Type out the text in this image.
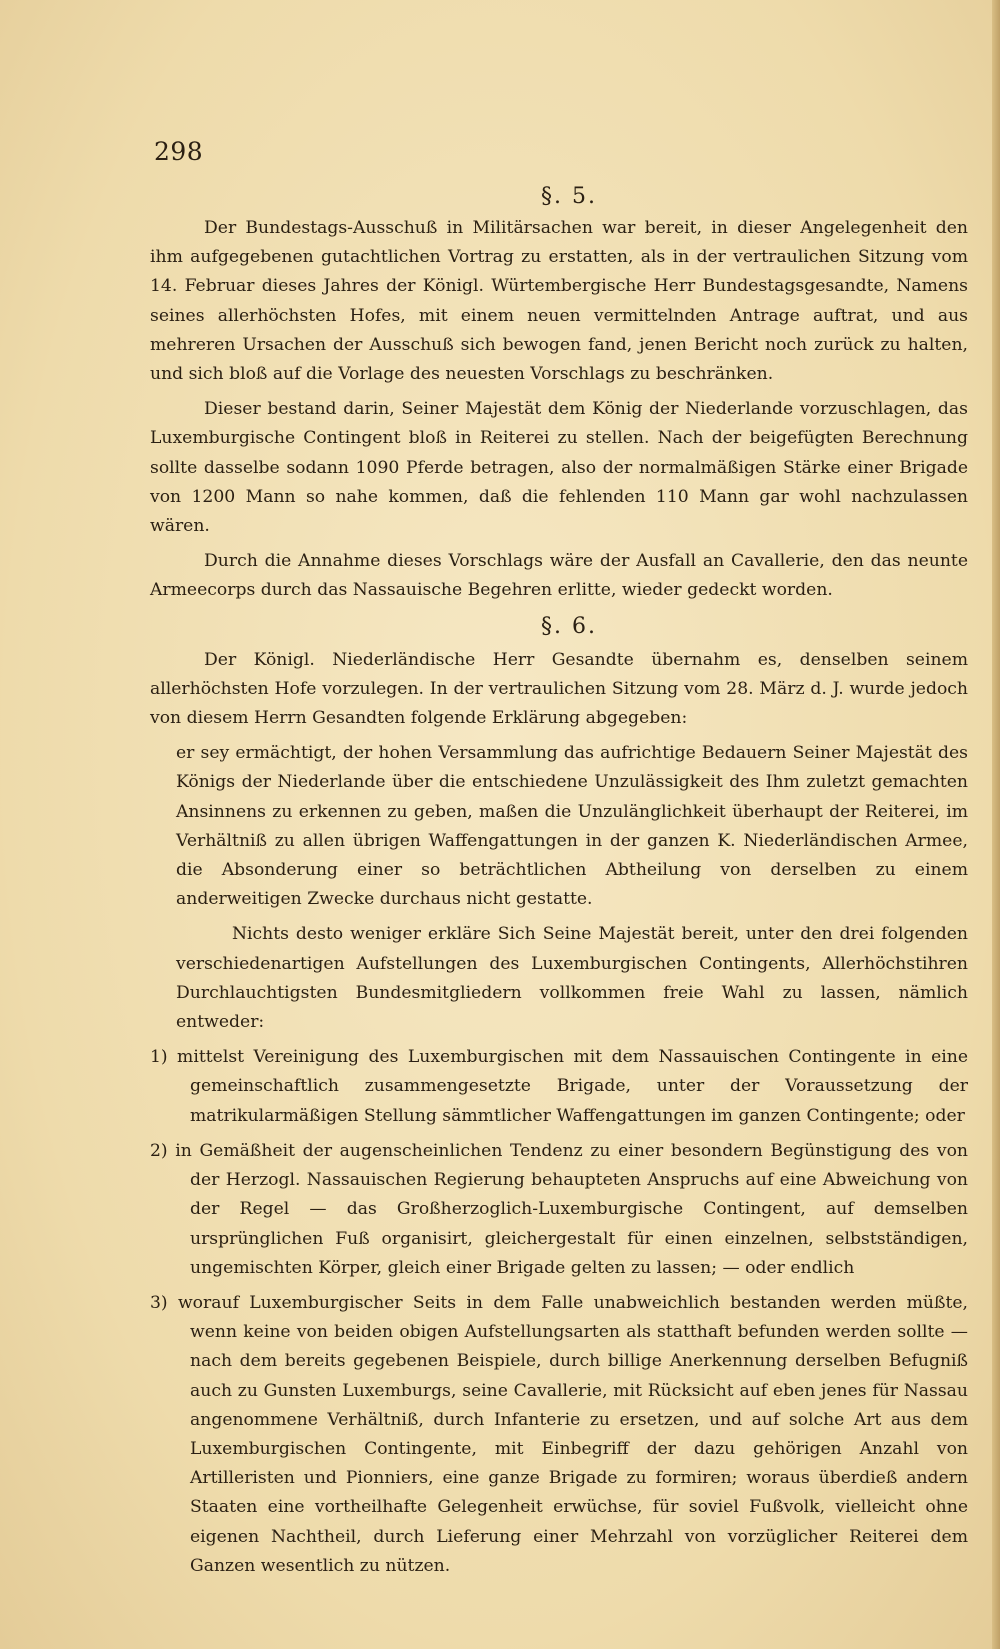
298
§. 5.

Der Bundestags-Ausschuß in Militärsachen war bereit, in dieser Angelegenheit den ihm aufgegebenen gutachtlichen Vortrag zu erstatten, als in der vertraulichen Sitzung vom 14. Februar dieses Jahres der Königl. Würtembergische Herr Bundestagsgesandte, Namens seines allerhöchsten Hofes, mit einem neuen vermittelnden Antrage auftrat, und aus mehreren Ursachen der Ausschuß sich bewogen fand, jenen Bericht noch zurück zu halten, und sich bloß auf die Vorlage des neuesten Vorschlags zu beschränken.

Dieser bestand darin, Seiner Majestät dem König der Niederlande vorzuschlagen, das Luxemburgische Contingent bloß in Reiterei zu stellen. Nach der beigefügten Berechnung sollte dasselbe sodann 1090 Pferde betragen, also der normalmäßigen Stärke einer Brigade von 1200 Mann so nahe kommen, daß die fehlenden 110 Mann gar wohl nachzulassen wären.

Durch die Annahme dieses Vorschlags wäre der Ausfall an Cavallerie, den das neunte Armeecorps durch das Nassauische Begehren erlitte, wieder gedeckt worden.

§. 6.

Der Königl. Niederländische Herr Gesandte übernahm es, denselben seinem allerhöchsten Hofe vorzulegen. In der vertraulichen Sitzung vom 28. März d. J. wurde jedoch von diesem Herrn Gesandten folgende Erklärung abgegeben:

er sey ermächtigt, der hohen Versammlung das aufrichtige Bedauern Seiner Majestät des Königs der Niederlande über die entschiedene Unzulässigkeit des Ihm zuletzt gemachten Ansinnens zu erkennen zu geben, maßen die Unzulänglichkeit überhaupt der Reiterei, im Verhältniß zu allen übrigen Waffengattungen in der ganzen K. Niederländischen Armee, die Absonderung einer so beträchtlichen Abtheilung von derselben zu einem anderweitigen Zwecke durchaus nicht gestatte.

Nichts desto weniger erkläre Sich Seine Majestät bereit, unter den drei folgenden verschiedenartigen Aufstellungen des Luxemburgischen Contingents, Allerhöchstihren Durchlauchtigsten Bundesmitgliedern vollkommen freie Wahl zu lassen, nämlich entweder:

1) mittelst Vereinigung des Luxemburgischen mit dem Nassauischen Contingente in eine gemeinschaftlich zusammengesetzte Brigade, unter der Voraussetzung der matrikularmäßigen Stellung sämmtlicher Waffengattungen im ganzen Contingente; oder

2) in Gemäßheit der augenscheinlichen Tendenz zu einer besondern Begünstigung des von der Herzogl. Nassauischen Regierung behaupteten Anspruchs auf eine Abweichung von der Regel — das Großherzoglich-Luxemburgische Contingent, auf demselben ursprünglichen Fuß organisirt, gleichergestalt für einen einzelnen, selbstständigen, ungemischten Körper, gleich einer Brigade gelten zu lassen; — oder endlich

3) worauf Luxemburgischer Seits in dem Falle unabweichlich bestanden werden müßte, wenn keine von beiden obigen Aufstellungsarten als statthaft befunden werden sollte — nach dem bereits gegebenen Beispiele, durch billige Anerkennung derselben Befugniß auch zu Gunsten Luxemburgs, seine Cavallerie, mit Rücksicht auf eben jenes für Nassau angenommene Verhältniß, durch Infanterie zu ersetzen, und auf solche Art aus dem Luxemburgischen Contingente, mit Einbegriff der dazu gehörigen Anzahl von Artilleristen und Pionniers, eine ganze Brigade zu formiren; woraus überdieß andern Staaten eine vortheilhafte Gelegenheit erwüchse, für soviel Fußvolk, vielleicht ohne eigenen Nachtheil, durch Lieferung einer Mehrzahl von vorzüglicher Reiterei dem Ganzen wesentlich zu nützen.
